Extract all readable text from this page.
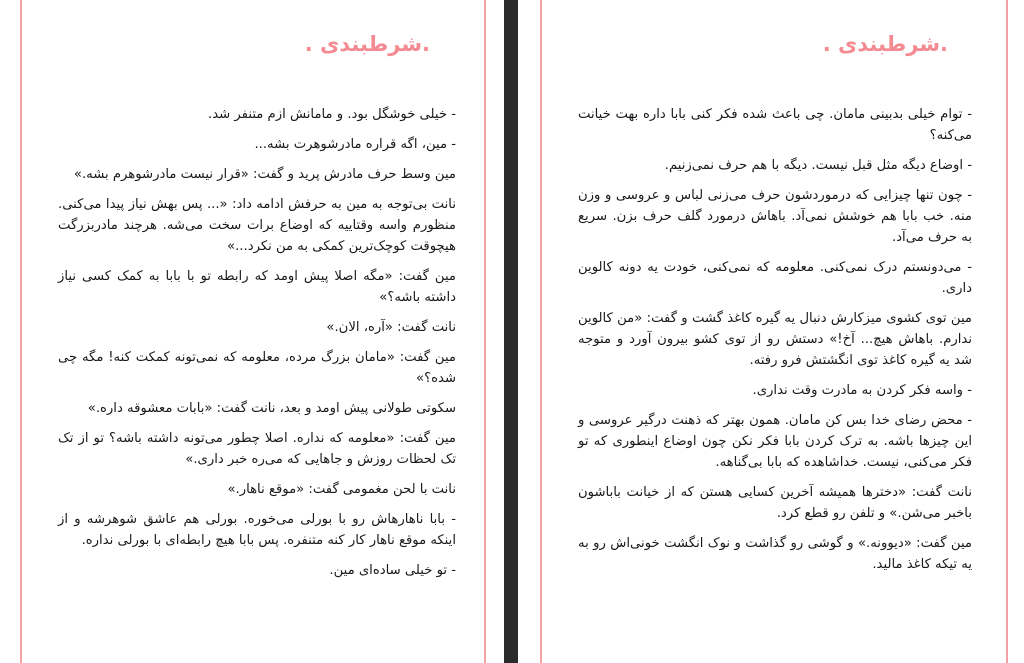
.شرطبندی .

- خیلی خوشگل بود. و مامانش ازم متنفر شد.

- مین، اگه قراره مادرشوهرت بشه...

مین وسط حرف مادرش پرید و گفت: «قرار نیست مادرشوهرم بشه.»

نانت بی‌توجه به مین به حرفش ادامه داد: «... پس بهش نیاز پیدا می‌کنی. منظورم واسه وقتاییه که اوضاع برات سخت می‌شه. هرچند مادربزرگت هیچوقت کوچک‌ترین کمکی به من نکرد...»

مین گفت: «مگه اصلا پیش اومد که رابطه تو با بابا به کمک کسی نیاز داشته باشه؟»

نانت گفت: «آره، الان.»

مین گفت: «مامان بزرگ مرده، معلومه که نمی‌تونه کمکت کنه! مگه چی شده؟»

سکوتی طولانی پیش اومد و بعد، نانت گفت: «بابات معشوقه داره.»

مین گفت: «معلومه که نداره. اصلا چطور می‌تونه داشته باشه؟ تو از تک تک لحظات روزش و جاهایی که می‌ره خبر داری.»

نانت با لحن مغمومی گفت: «موقع ناهار.»

- بابا ناهارهاش رو با بورلی می‌خوره. بورلی هم عاشق شوهرشه و از اینکه موقع ناهار کار کنه متنفره. پس بابا هیچ رابطه‌ای با بورلی نداره.

- تو خیلی ساده‌ای مین.

.شرطبندی .

- توام خیلی بدبینی مامان. چی باعث شده فکر کنی بابا داره بهت خیانت می‌کنه؟

- اوضاع دیگه مثل قبل نیست. دیگه با هم حرف نمی‌زنیم.

- چون تنها چیزایی که درموردشون حرف می‌زنی لباس و عروسی و وزن منه. خب بابا هم خوشش نمی‌آد. باهاش درمورد گلف حرف بزن. سریع به حرف می‌آد.

- می‌دونستم درک نمی‌کنی. معلومه که نمی‌کنی، خودت یه دونه کالوین داری.

مین توی کشوی میزکارش دنبال یه گیره کاغذ گشت و گفت: «من کالوین ندارم. باهاش هیچ... آخ!» دستش رو از توی کشو بیرون آورد و متوجه شد یه گیره کاغذ توی انگشتش فرو رفته.

- واسه فکر کردن به مادرت وقت نداری.

- محض رضای خدا بس کن مامان. همون بهتر که ذهنت درگیر عروسی و این چیزها باشه. به ترک کردن بابا فکر نکن چون اوضاع اینطوری که تو فکر می‌کنی، نیست. خداشاهده که بابا بی‌گناهه.

نانت گفت: «دخترها همیشه آخرین کسایی هستن که از خیانت باباشون باخبر می‌شن.» و تلفن رو قطع کرد.

مین گفت: «دیوونه.» و گوشی رو گذاشت و نوک انگشت خونی‌اش رو به یه تیکه کاغذ مالید.
